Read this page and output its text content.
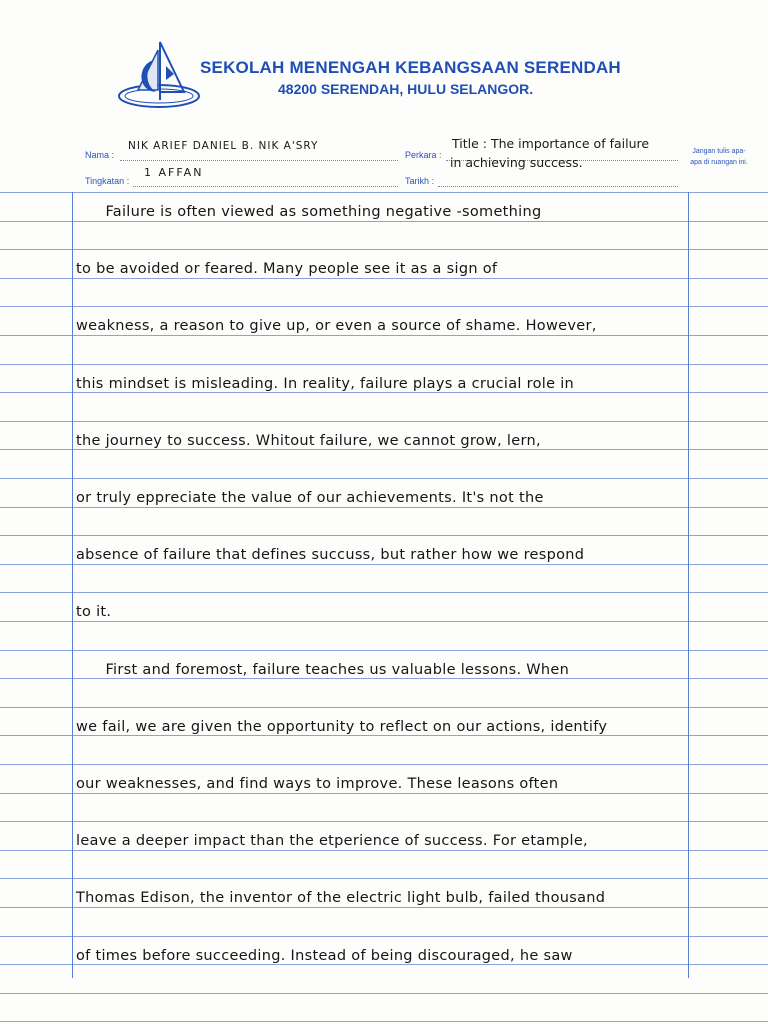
SEKOLAH MENENGAH KEBANGSAAN SERENDAH
48200 SERENDAH, HULU SELANGOR.
Nama :
NIK ARIEF DANIEL B. NIK A'SRY
Tingkatan :
1 AFFAN
Perkara :
Title : The importance of failure
in achieving success.
Tarikh :
Jangan tulis apa-apa di ruangan ini.
Failure is often viewed as something negative -something
to be avoided or feared. Many people see it as a sign of
weakness, a reason to give up, or even a source of shame. However,
this mindset is misleading. In reality, failure plays a crucial role in
the journey to success. Whitout failure, we cannot grow, lern,
or truly eppreciate the value of our achievements. It's not the
absence of failure that defines succuss, but rather how we respond
to it.
First and foremost, failure teaches us valuable lessons. When
we fail, we are given the opportunity to reflect on our actions, identify
our weaknesses, and find ways to improve. These leasons often
leave a deeper impact than the etperience of success. For etample,
Thomas Edison, the inventor of the electric light bulb, failed thousand
of times before succeeding. Instead of being discouraged, he saw
